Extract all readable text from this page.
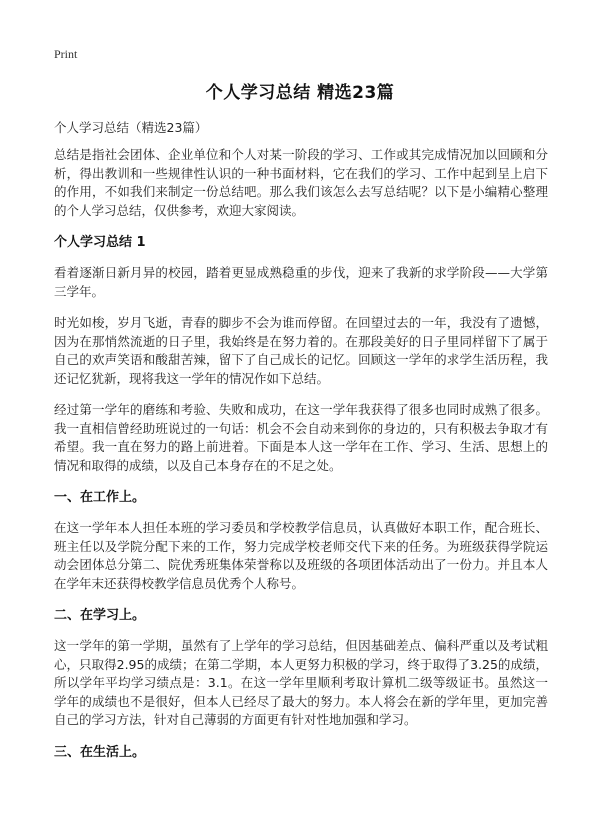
Print
个人学习总结 精选23篇
个人学习总结（精选23篇）

总结是指社会团体、企业单位和个人对某一阶段的学习、工作或其完成情况加以回顾和分析，得出教训和一些规律性认识的一种书面材料，它在我们的学习、工作中起到呈上启下的作用，不如我们来制定一份总结吧。那么我们该怎么去写总结呢？以下是小编精心整理的个人学习总结，仅供参考，欢迎大家阅读。

个人学习总结 1

看着逐渐日新月异的校园，踏着更显成熟稳重的步伐，迎来了我新的求学阶段——大学第三学年。

时光如梭，岁月飞逝，青春的脚步不会为谁而停留。在回望过去的一年，我没有了遗憾，因为在那悄然流逝的日子里，我始终是在努力着的。在那段美好的日子里同样留下了属于自己的欢声笑语和酸甜苦辣，留下了自己成长的记忆。回顾这一学年的求学生活历程，我还记忆犹新，现将我这一学年的情况作如下总结。

经过第一学年的磨练和考验、失败和成功，在这一学年我获得了很多也同时成熟了很多。我一直相信曾经助班说过的一句话：机会不会自动来到你的身边的，只有积极去争取才有希望。我一直在努力的路上前进着。下面是本人这一学年在工作、学习、生活、思想上的情况和取得的成绩，以及自己本身存在的不足之处。

一、在工作上。

在这一学年本人担任本班的学习委员和学校教学信息员，认真做好本职工作，配合班长、班主任以及学院分配下来的工作，努力完成学校老师交代下来的任务。为班级获得学院运动会团体总分第二、院优秀班集体荣誉称以及班级的各项团体活动出了一份力。并且本人在学年末还获得校教学信息员优秀个人称号。

二、在学习上。

这一学年的第一学期，虽然有了上学年的学习总结，但因基础差点、偏科严重以及考试粗心，只取得2.95的成绩；在第二学期，本人更努力积极的学习，终于取得了3.25的成绩，所以学年平均学习绩点是：3.1。在这一学年里顺利考取计算机二级等级证书。虽然这一学年的成绩也不是很好，但本人已经尽了最大的努力。本人将会在新的学年里，更加完善自己的学习方法，针对自己薄弱的方面更有针对性地加强和学习。

三、在生活上。
